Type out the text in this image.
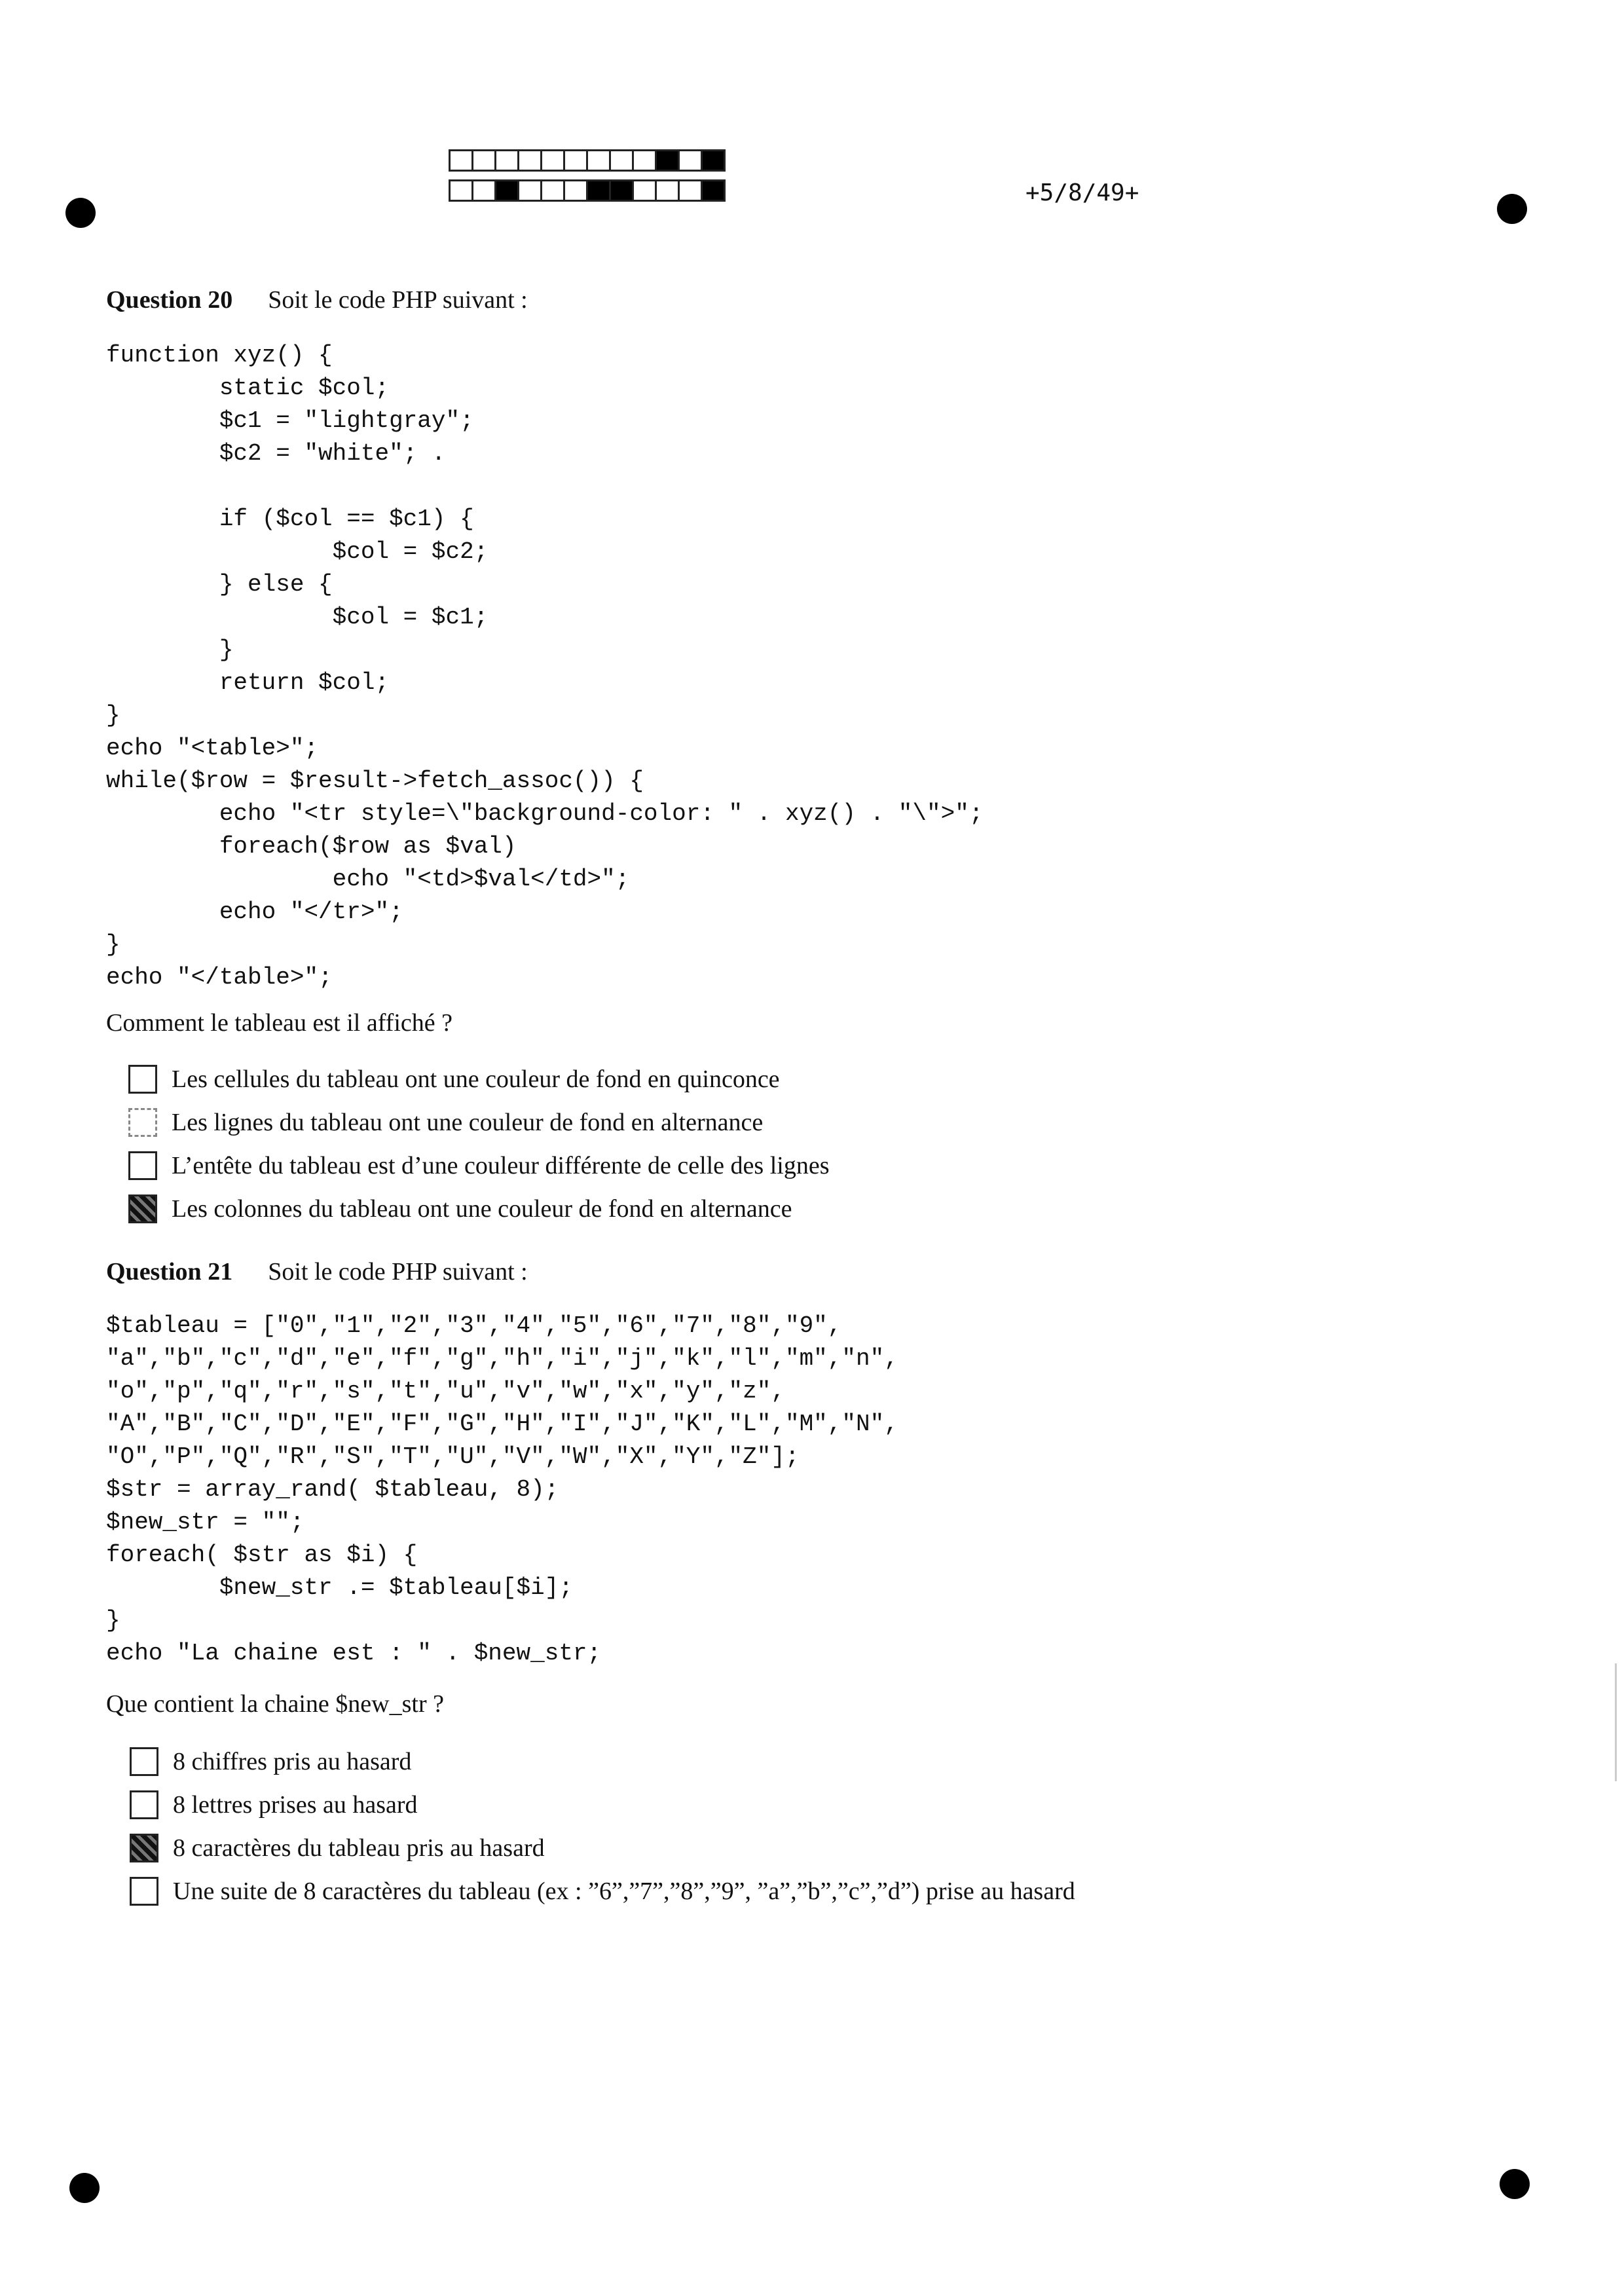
+5/8/49+
Question 20 Soit le code PHP suivant :
function xyz() {
static $col;
$c1 = "lightgray";
$c2 = "white"; .

if ($col == $c1) {
$col = $c2;
} else {
$col = $c1;
}
return $col;
}
echo "<table>";
while($row = $result->fetch_assoc()) {
echo "<tr style=\"background-color: " . xyz() . "\">";
foreach($row as $val)
echo "<td>$val</td>";
echo "</tr>";
}
echo "</table>";
Comment le tableau est il affiché ?
Les cellules du tableau ont une couleur de fond en quinconce
Les lignes du tableau ont une couleur de fond en alternance
L’entête du tableau est d’une couleur différente de celle des lignes
Les colonnes du tableau ont une couleur de fond en alternance
Question 21 Soit le code PHP suivant :
$tableau = ["0","1","2","3","4","5","6","7","8","9",
"a","b","c","d","e","f","g","h","i","j","k","l","m","n",
"o","p","q","r","s","t","u","v","w","x","y","z",
"A","B","C","D","E","F","G","H","I","J","K","L","M","N",
"O","P","Q","R","S","T","U","V","W","X","Y","Z"];
$str = array_rand( $tableau, 8);
$new_str = "";
foreach( $str as $i) {
$new_str .= $tableau[$i];
}
echo "La chaine est : " . $new_str;
Que contient la chaine $new_str ?
8 chiffres pris au hasard
8 lettres prises au hasard
8 caractères du tableau pris au hasard
Une suite de 8 caractères du tableau (ex : ”6”,”7”,”8”,”9”, ”a”,”b”,”c”,”d”) prise au hasard
